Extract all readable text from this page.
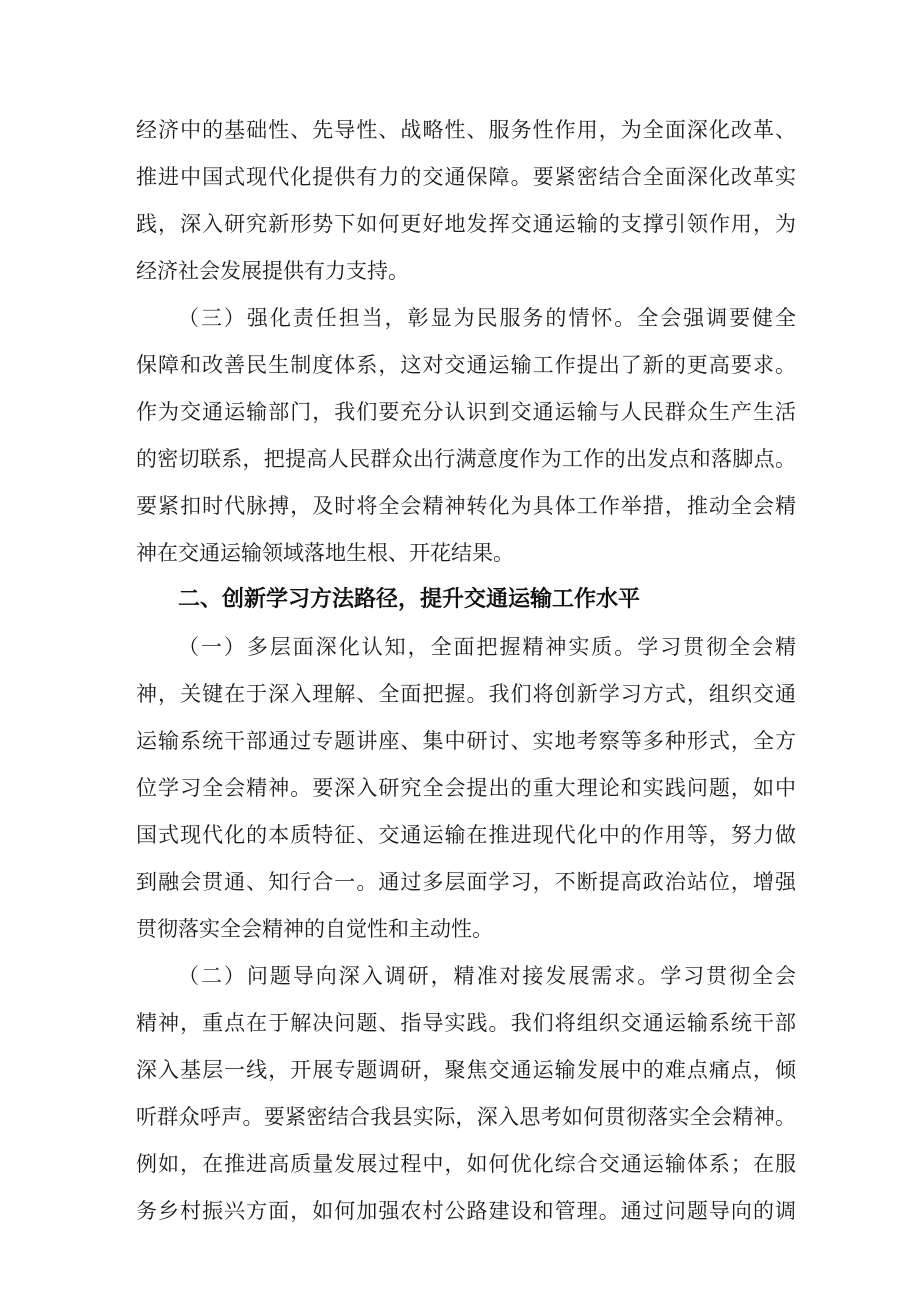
经济中的基础性、先导性、战略性、服务性作用，为全面深化改革、
推进中国式现代化提供有力的交通保障。要紧密结合全面深化改革实
践，深入研究新形势下如何更好地发挥交通运输的支撑引领作用，为
经济社会发展提供有力支持。
（三）强化责任担当，彰显为民服务的情怀。全会强调要健全
保障和改善民生制度体系，这对交通运输工作提出了新的更高要求。
作为交通运输部门，我们要充分认识到交通运输与人民群众生产生活
的密切联系，把提高人民群众出行满意度作为工作的出发点和落脚点。
要紧扣时代脉搏，及时将全会精神转化为具体工作举措，推动全会精
神在交通运输领域落地生根、开花结果。
二、创新学习方法路径，提升交通运输工作水平
（一）多层面深化认知，全面把握精神实质。学习贯彻全会精
神，关键在于深入理解、全面把握。我们将创新学习方式，组织交通
运输系统干部通过专题讲座、集中研讨、实地考察等多种形式，全方
位学习全会精神。要深入研究全会提出的重大理论和实践问题，如中
国式现代化的本质特征、交通运输在推进现代化中的作用等，努力做
到融会贯通、知行合一。通过多层面学习，不断提高政治站位，增强
贯彻落实全会精神的自觉性和主动性。
（二）问题导向深入调研，精准对接发展需求。学习贯彻全会
精神，重点在于解决问题、指导实践。我们将组织交通运输系统干部
深入基层一线，开展专题调研，聚焦交通运输发展中的难点痛点，倾
听群众呼声。要紧密结合我县实际，深入思考如何贯彻落实全会精神。
例如，在推进高质量发展过程中，如何优化综合交通运输体系；在服
务乡村振兴方面，如何加强农村公路建设和管理。通过问题导向的调
